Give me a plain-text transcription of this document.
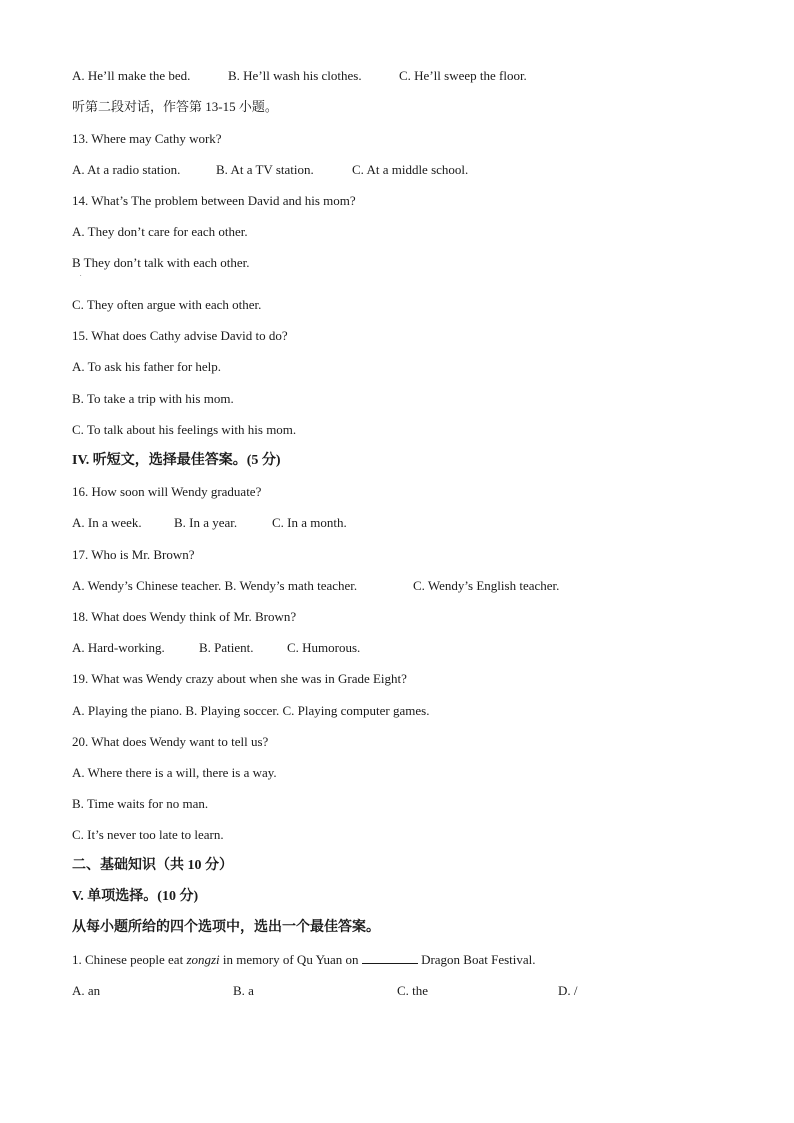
A. He’ll make the bed.	B. He’ll wash his clothes.	C. He’ll sweep the floor.
听第二段对话，作答第 13-15 小题。
13. Where may Cathy work?
A. At a radio station.	B. At a TV station.	C. At a middle school.
14. What’s The problem between David and his mom?
A. They don’t care for each other.
B They don’t talk with each other.
.
C. They often argue with each other.
15. What does Cathy advise David to do?
A. To ask his father for help.
B. To take a trip with his mom.
C. To talk about his feelings with his mom.
IV. 听短文，选择最佳答案。(5 分)
16. How soon will Wendy graduate?
A. In a week. B. In a year.	C. In a month.
17. Who is Mr. Brown?
A. Wendy’s Chinese teacher. B. Wendy’s math teacher.	C. Wendy’s English teacher.
18. What does Wendy think of Mr. Brown?
A. Hard-working.	B. Patient.	C. Humorous.
19. What was Wendy crazy about when she was in Grade Eight?
A. Playing the piano. B. Playing soccer. C. Playing computer games.
20. What does Wendy want to tell us?
A. Where there is a will, there is a way.
B. Time waits for no man.
C. It’s never too late to learn.
二、基础知识（共 10 分）
V. 单项选择。(10 分)
从每小题所给的四个选项中，选出一个最佳答案。
1. Chinese people eat zongzi in memory of Qu Yuan on	Dragon Boat Festival.
A. an	B. a	C. the	D. /
